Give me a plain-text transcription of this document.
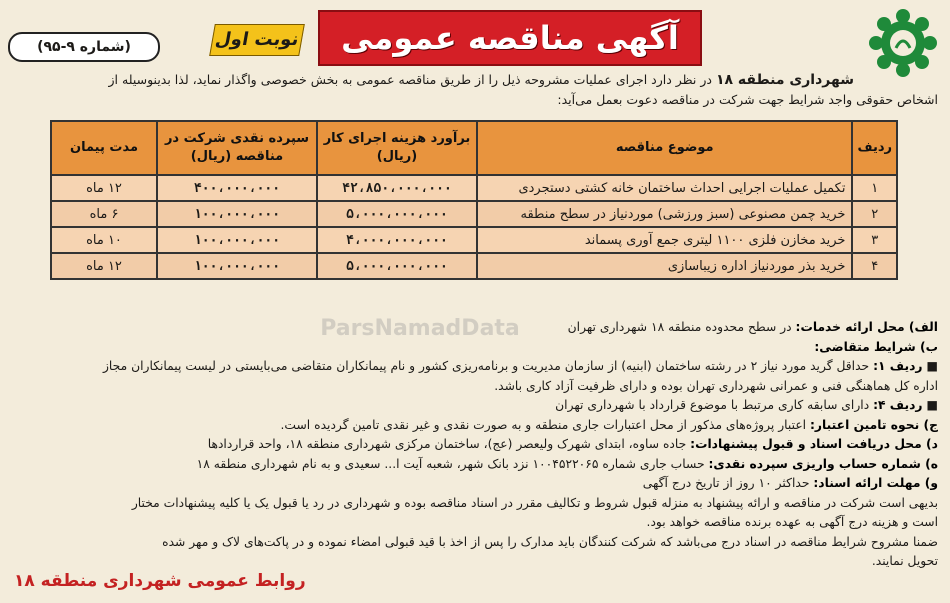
آگهی مناقصه عمومی
نوبت اول
(شماره ۹-۹۵)
شهرداری منطقه ۱۸ در نظر دارد اجرای عملیات مشروحه ذیل را از طریق مناقصه عمومی به بخش خصوصی واگذار نماید، لذا بدینوسیله از
اشخاص حقوقی واجد شرایط جهت شرکت در مناقصه دعوت بعمل می‌آید:
ردیف	موضوع مناقصه	برآورد هزینه اجرای کار (ریال)	سپرده نقدی شرکت در مناقصه (ریال)	مدت پیمان
۱	تکمیل عملیات اجرایی احداث ساختمان خانه کشتی دستجردی	۴۲،۸۵۰،۰۰۰،۰۰۰	۴۰۰،۰۰۰،۰۰۰	۱۲ ماه
۲	خرید چمن مصنوعی (سبز ورزشی) موردنیاز در سطح منطقه	۵،۰۰۰،۰۰۰،۰۰۰	۱۰۰،۰۰۰،۰۰۰	۶ ماه
۳	خرید مخازن فلزی ۱۱۰۰ لیتری جمع آوری پسماند	۴،۰۰۰،۰۰۰،۰۰۰	۱۰۰،۰۰۰،۰۰۰	۱۰ ماه
۴	خرید بذر موردنیاز اداره زیباسازی	۵،۰۰۰،۰۰۰،۰۰۰	۱۰۰،۰۰۰،۰۰۰	۱۲ ماه
ParsNamadData	الف) محل ارائه خدمات: در سطح محدوده منطقه ۱۸ شهرداری تهران

ب) شرایط متقاضی:

■ ردیف ۱: حداقل گرید مورد نیاز ۲ در رشته ساختمان (ابنیه) از سازمان مدیریت و برنامه‌ریزی کشور و نام پیمانکاران متقاضی می‌بایستی در لیست پیمانکاران مجاز

اداره کل هماهنگی فنی و عمرانی شهرداری تهران بوده و دارای ظرفیت آزاد کاری باشد.

■ ردیف ۴: دارای سابقه کاری مرتبط با موضوع قرارداد با شهرداری تهران

ج) نحوه تامین اعتبار: اعتبار پروژه‌های مذکور از محل اعتبارات جاری منطقه و به صورت نقدی و غیر نقدی تامین گردیده است.

د) محل دریافت اسناد و قبول پیشنهادات: جاده ساوه، ابتدای شهرک ولیعصر (عج)، ساختمان مرکزی شهرداری منطقه ۱۸، واحد قراردادها

ه) شماره حساب واریزی سپرده نقدی: حساب جاری شماره ۱۰۰۴۵۲۲۰۶۵ نزد بانک شهر، شعبه آیت ا... سعیدی و به نام شهرداری منطقه ۱۸

و) مهلت ارائه اسناد: حداکثر ۱۰ روز از تاریخ درج آگهی

بدیهی است شرکت در مناقصه و ارائه پیشنهاد به منزله قبول شروط و تکالیف مقرر در اسناد مناقصه بوده و شهرداری در رد یا قبول یک یا کلیه پیشنهادات مختار

است و هزینه درج آگهی به عهده برنده مناقصه خواهد بود.

ضمنا مشروح شرایط مناقصه در اسناد درج می‌باشد که شرکت کنندگان باید مدارک را پس از اخذ با قید قبولی امضاء نموده و در پاکت‌های لاک و مهر شده

تحویل نمایند.

روابط عمومی شهرداری منطقه ۱۸
